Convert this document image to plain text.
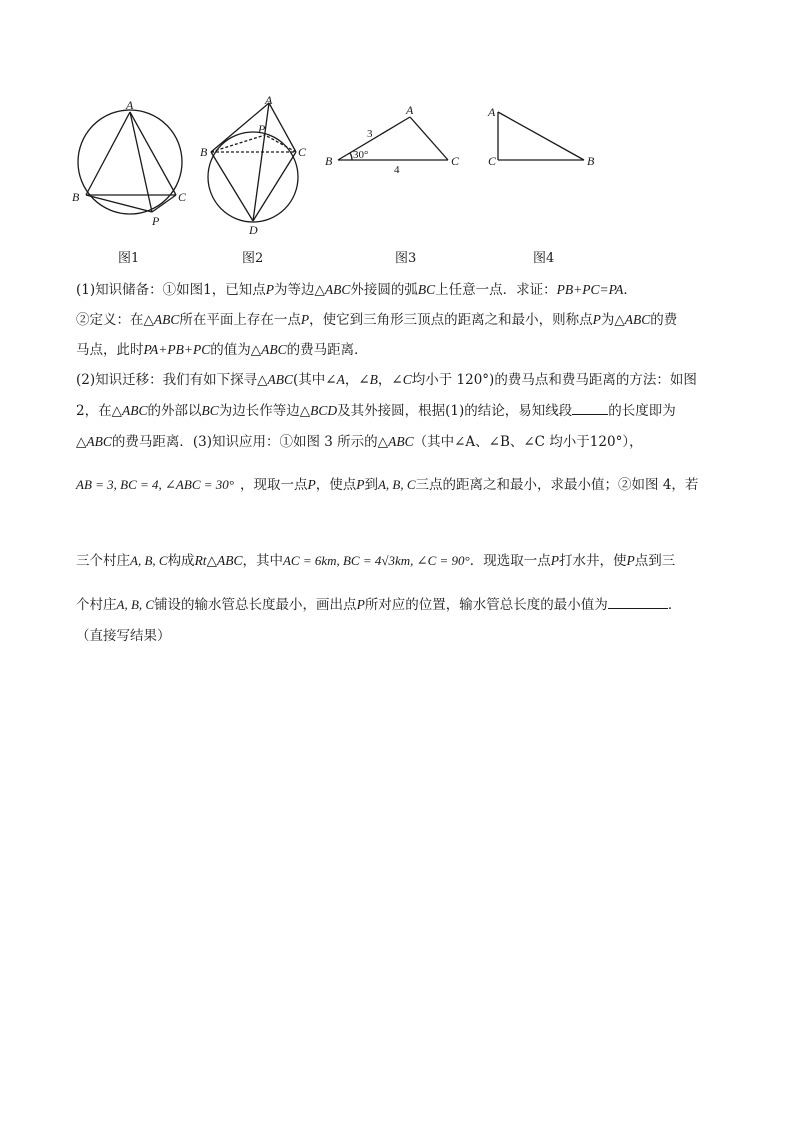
A
B	C
P
A
B	C
P
D
A
B	C
3
4
30°
A
C	B
图1	图2	图3	图4
(1)知识储备：①如图1，已知点P为等边△ABC外接圆的弧BC上任意一点．求证：PB+PC=PA．
②定义：在△ABC所在平面上存在一点P，使它到三角形三顶点的距离之和最小，则称点P为△ABC的费
马点，此时PA+PB+PC的值为△ABC的费马距离．
(2)知识迁移：我们有如下探寻△ABC(其中∠A，∠B，∠C均小于 120°)的费马点和费马距离的方法：如图
2，在△ABC的外部以BC为边长作等边△BCD及其外接圆，根据(1)的结论，易知线段	的长度即为
△ABC的费马距离．(3)知识应用：①如图 3 所示的△ABC（其中∠A、∠B、∠C 均小于120°），
AB = 3, BC = 4, ∠ABC = 30° ，现取一点P，使点P到A, B, C三点的距离之和最小，求最小值；②如图 4，若
三个村庄A, B, C构成Rt△ABC，其中AC = 6km, BC = 4√3km, ∠C = 90°．现选取一点P打水井，使P点到三
个村庄A, B, C铺设的输水管总长度最小，画出点P所对应的位置，输水管总长度的最小值为	．
（直接写结果）
